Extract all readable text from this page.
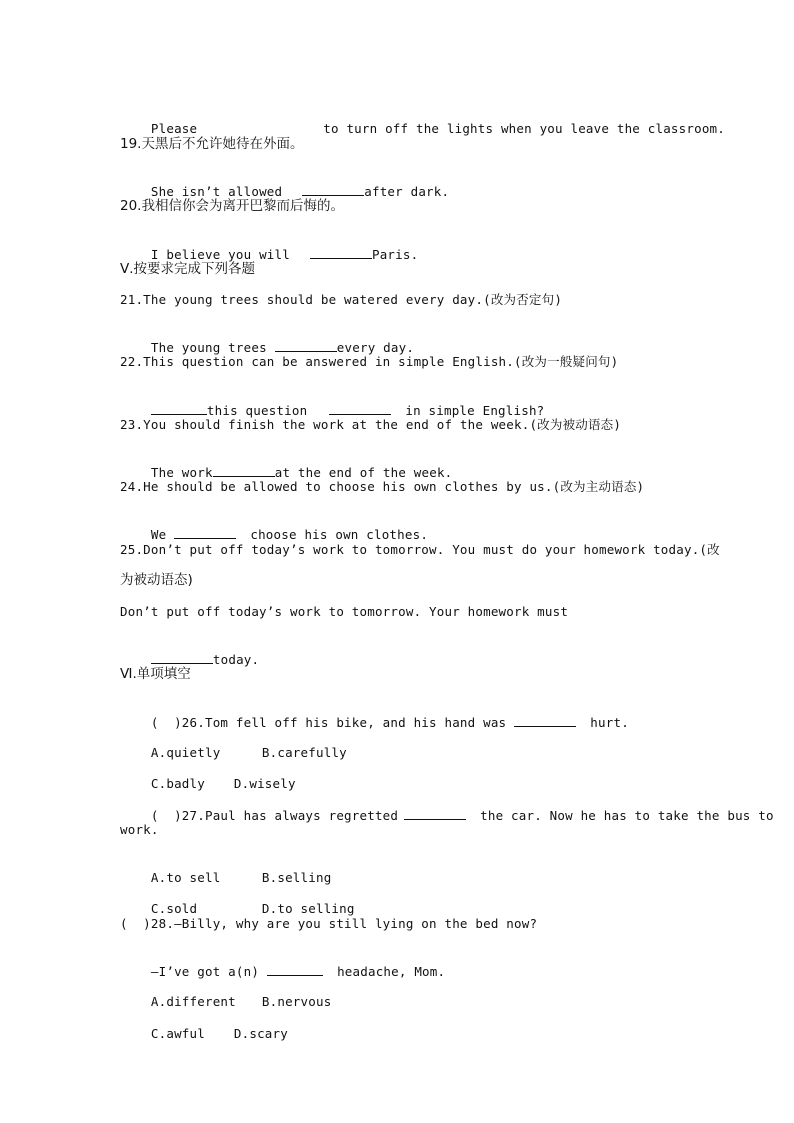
Please	to turn off the lights when you leave the classroom.

19.天黑后不允许她待在外面。

She isn’t allowed	after dark.

20.我相信你会为离开巴黎而后悔的。

I believe you will	Paris.

Ⅴ.按要求完成下列各题
21.The young trees should be watered every day.(改为否定句)

The young trees	every day.

22.This question can be answered in simple English.(改为一般疑问句)

this question	in simple English?

23.You should finish the work at the end of the week.(改为被动语态)

The work	at the end of the week.

24.He should be allowed to choose his own clothes by us.(改为主动语态)

We	choose his own clothes.

25.Don’t put off today’s work to tomorrow. You must do your homework today.(改
为被动语态)
Don’t put off today’s work to tomorrow. Your homework must

today.

Ⅵ.单项填空

(  )26.Tom fell off his bike, and his hand was	hurt.

A.quietly	B.carefully

C.badly D.wisely

(  )27.Paul has always regretted	the car. Now he has to take the bus to

work.

A.to sell	B.selling

C.sold	D.to selling

(  )28.—Billy, why are you still lying on the bed now?

—I’ve got a(n)	headache, Mom.

A.different B.nervous

C.awful D.scary
